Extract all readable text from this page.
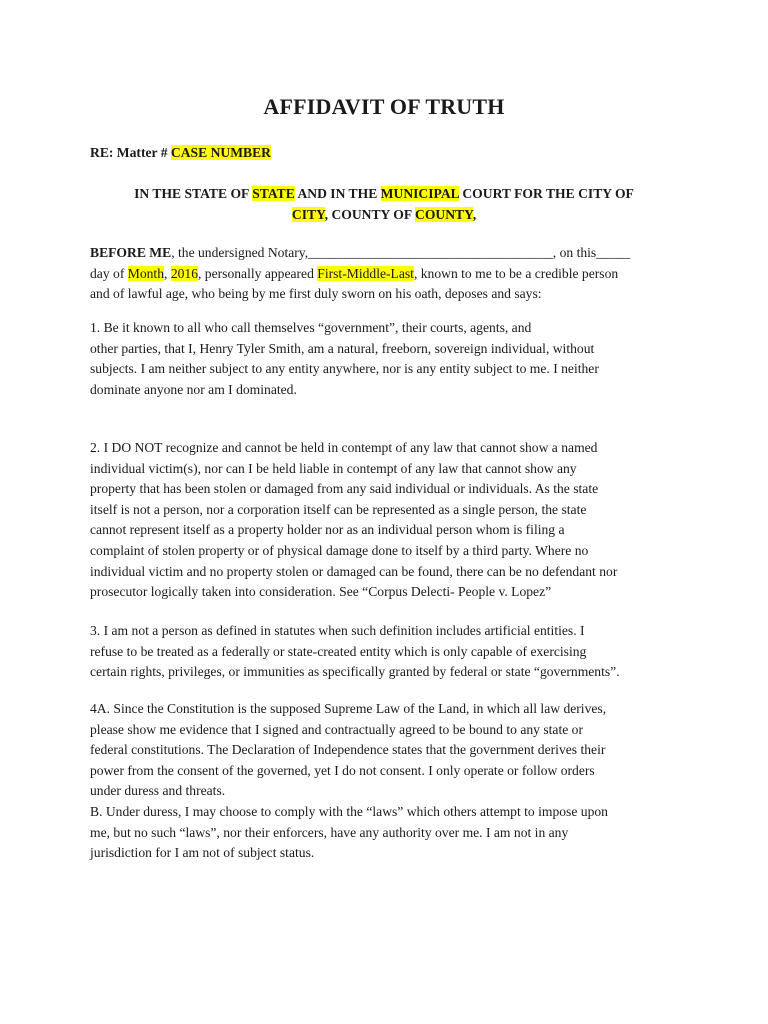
AFFIDAVIT OF TRUTH
RE: Matter # CASE NUMBER
IN THE STATE OF STATE AND IN THE MUNICIPAL COURT FOR THE CITY OF
CITY, COUNTY OF COUNTY,
BEFORE ME, the undersigned Notary,____________________________________, on this_____
day of Month, 2016, personally appeared First-Middle-Last, known to me to be a credible person
and of lawful age, who being by me first duly sworn on his oath, deposes and says:
1. Be it known to all who call themselves “government”, their courts, agents, and
other parties, that I, Henry Tyler Smith, am a natural, freeborn, sovereign individual, without
subjects. I am neither subject to any entity anywhere, nor is any entity subject to me. I neither
dominate anyone nor am I dominated.
2. I DO NOT recognize and cannot be held in contempt of any law that cannot show a named
individual victim(s), nor can I be held liable in contempt of any law that cannot show any
property that has been stolen or damaged from any said individual or individuals. As the state
itself is not a person, nor a corporation itself can be represented as a single person, the state
cannot represent itself as a property holder nor as an individual person whom is filing a
complaint of stolen property or of physical damage done to itself by a third party. Where no
individual victim and no property stolen or damaged can be found, there can be no defendant nor
prosecutor logically taken into consideration. See “Corpus Delecti- People v. Lopez”
3. I am not a person as defined in statutes when such definition includes artificial entities. I
refuse to be treated as a federally or state-created entity which is only capable of exercising
certain rights, privileges, or immunities as specifically granted by federal or state “governments”.
4A. Since the Constitution is the supposed Supreme Law of the Land, in which all law derives,
please show me evidence that I signed and contractually agreed to be bound to any state or
federal constitutions. The Declaration of Independence states that the government derives their
power from the consent of the governed, yet I do not consent. I only operate or follow orders
under duress and threats.
B. Under duress, I may choose to comply with the “laws” which others attempt to impose upon
me, but no such “laws”, nor their enforcers, have any authority over me. I am not in any
jurisdiction for I am not of subject status.
